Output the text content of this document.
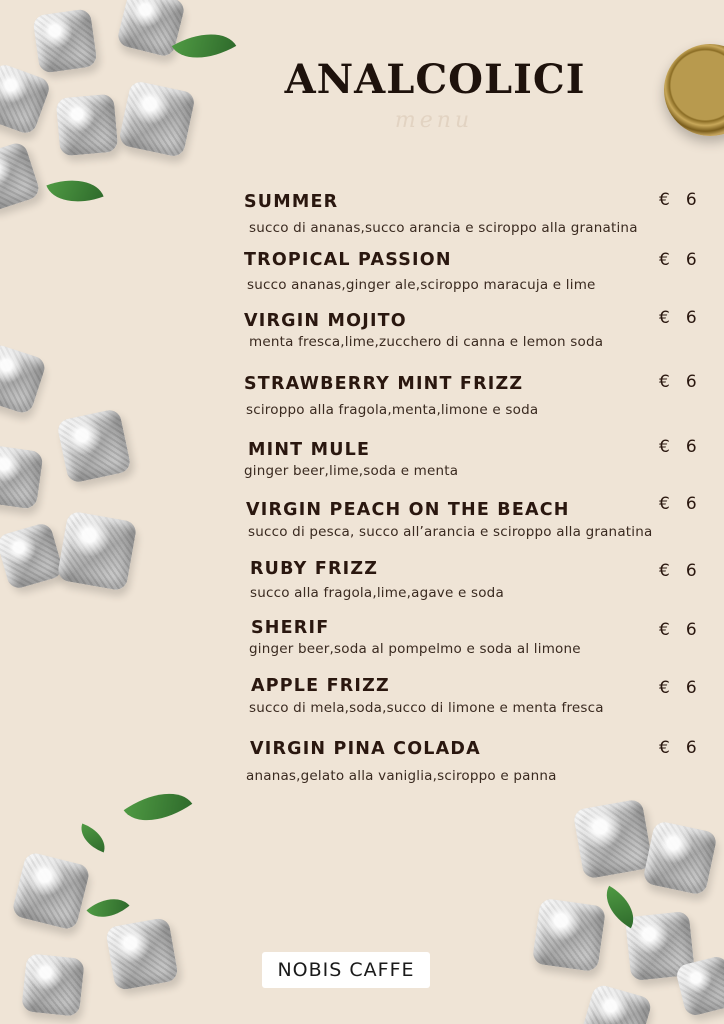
ANALCOLICI
menu

SUMMER

succo di ananas,succo arancia e sciroppo alla granatina

€ 6

TROPICAL PASSION

succo ananas,ginger ale,sciroppo maracuja e lime

€ 6

VIRGIN MOJITO

menta fresca,lime,zucchero di canna e lemon soda

€ 6

STRAWBERRY MINT FRIZZ

sciroppo alla fragola,menta,limone e soda

€ 6

MINT MULE

ginger beer,lime,soda e menta

€ 6

VIRGIN PEACH ON THE BEACH

succo di pesca, succo all’arancia e sciroppo alla granatina

€ 6

RUBY FRIZZ

succo alla fragola,lime,agave e soda

€ 6

SHERIF

ginger beer,soda al pompelmo e soda al limone

€ 6

APPLE FRIZZ

succo di mela,soda,succo di limone e menta fresca

€ 6

VIRGIN PINA COLADA

ananas,gelato alla vaniglia,sciroppo e panna

€ 6

NOBIS CAFFE
